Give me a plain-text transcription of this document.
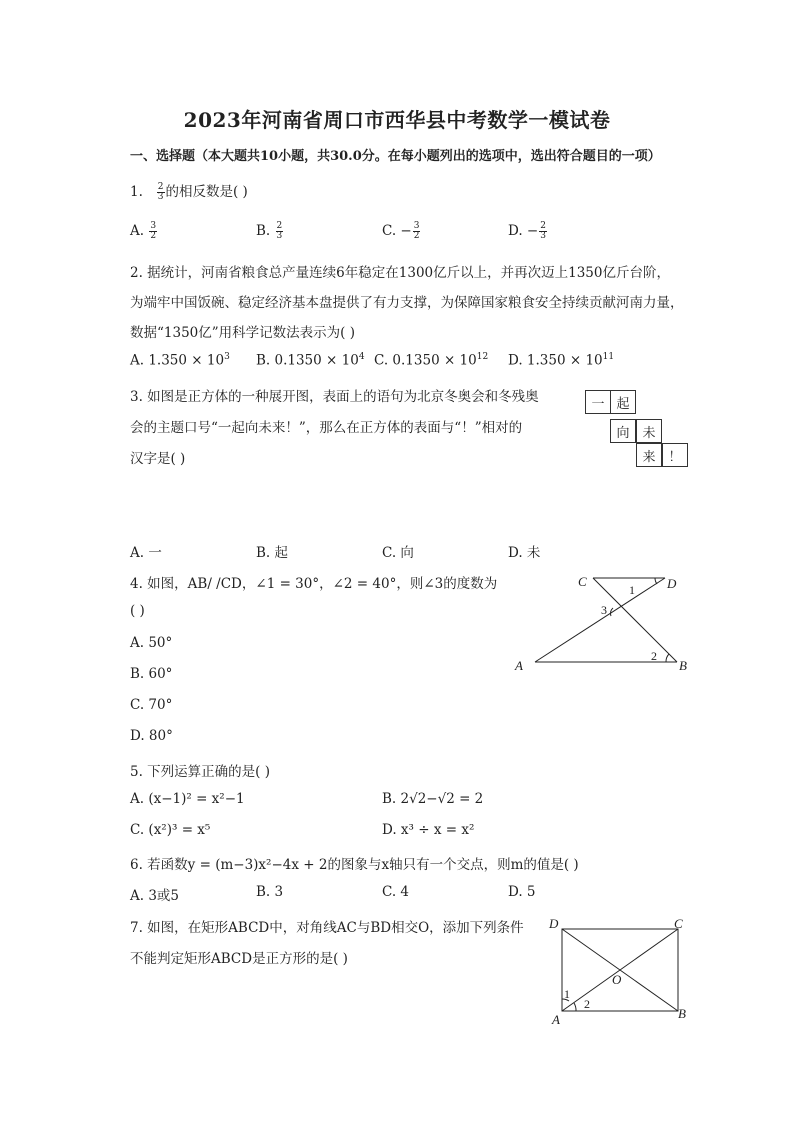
2023年河南省周口市西华县中考数学一模试卷
一、选择题（本大题共10小题，共30.0分。在每小题列出的选项中，选出符合题目的一项）
1. $\frac{2}{3}$ 的相反数是( )
A. $\frac{3}{2}$	B. $\frac{2}{3}$	C. − $\frac{3}{2}$	D. − $\frac{2}{3}$
2. 据统计，河南省粮食总产量连续6年稳定在1300亿斤以上，并再次迈上1350亿斤台阶，
为端牢中国饭碗、稳定经济基本盘提供了有力支撑，为保障国家粮食安全持续贡献河南力量，
数据“1350亿”用科学记数法表示为( )
A. $1.350 \times 10^3$ B. $0.1350 \times 10^4$ C. $0.1350 \times 10^{12}$ D. $1.350 \times 10^{11}$
3. 如图是正方体的一种展开图，表面上的语句为北京冬奥会和冬残奥
会的主题口号“一起向未来！”，那么在正方体的表面与“！”相对的
汉字是( )
一 起
向 未
来 ！
A. 一	B. 起	C. 向	D. 未
4. 如图，AB/ /CD，∠1 = 30°，∠2 = 40°，则∠3的度数为
( )
A. 50°
B. 60°
C. 70°
D. 80°
C	D
A	B
1
2
3
5. 下列运算正确的是( )
A. (x−1)² = x²−1	B. 2√2−√2 = 2
C. (x²)³ = x⁵	D. x³ ÷ x = x²
6. 若函数y = (m−3)x²−4x + 2的图象与x轴只有一个交点，则m的值是( )
A. 3或5	B. 3	C. 4	D. 5
7. 如图，在矩形ABCD中，对角线AC与BD相交O，添加下列条件
不能判定矩形ABCD是正方形的是( )
D	C
A	B
O
1
2
